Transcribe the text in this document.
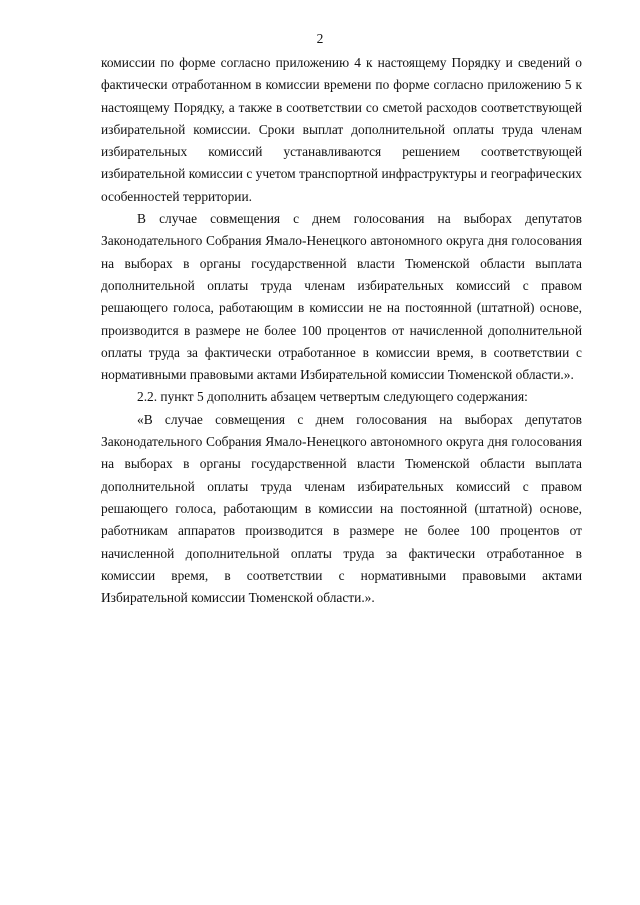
2

комиссии по форме согласно приложению 4 к настоящему Порядку и сведений о фактически отработанном в комиссии времени по форме согласно приложению 5 к настоящему Порядку, а также в соответствии со сметой расходов соответствующей избирательной комиссии. Сроки выплат дополнительной оплаты труда членам избирательных комиссий устанавливаются решением соответствующей избирательной комиссии с учетом транспортной инфраструктуры и географических особенностей территории.

В случае совмещения с днем голосования на выборах депутатов Законодательного Собрания Ямало-Ненецкого автономного округа дня голосования на выборах в органы государственной власти Тюменской области выплата дополнительной оплаты труда членам избирательных комиссий с правом решающего голоса, работающим в комиссии не на постоянной (штатной) основе, производится в размере не более 100 процентов от начисленной дополнительной оплаты труда за фактически отработанное в комиссии время, в соответствии с нормативными правовыми актами Избирательной комиссии Тюменской области.».

2.2. пункт 5 дополнить абзацем четвертым следующего содержания:

«В случае совмещения с днем голосования на выборах депутатов Законодательного Собрания Ямало-Ненецкого автономного округа дня голосования на выборах в органы государственной власти Тюменской области выплата дополнительной оплаты труда членам избирательных комиссий с правом решающего голоса, работающим в комиссии на постоянной (штатной) основе, работникам аппаратов производится в размере не более 100 процентов от начисленной дополнительной оплаты труда за фактически отработанное в комиссии время, в соответствии с нормативными правовыми актами Избирательной комиссии Тюменской области.».
